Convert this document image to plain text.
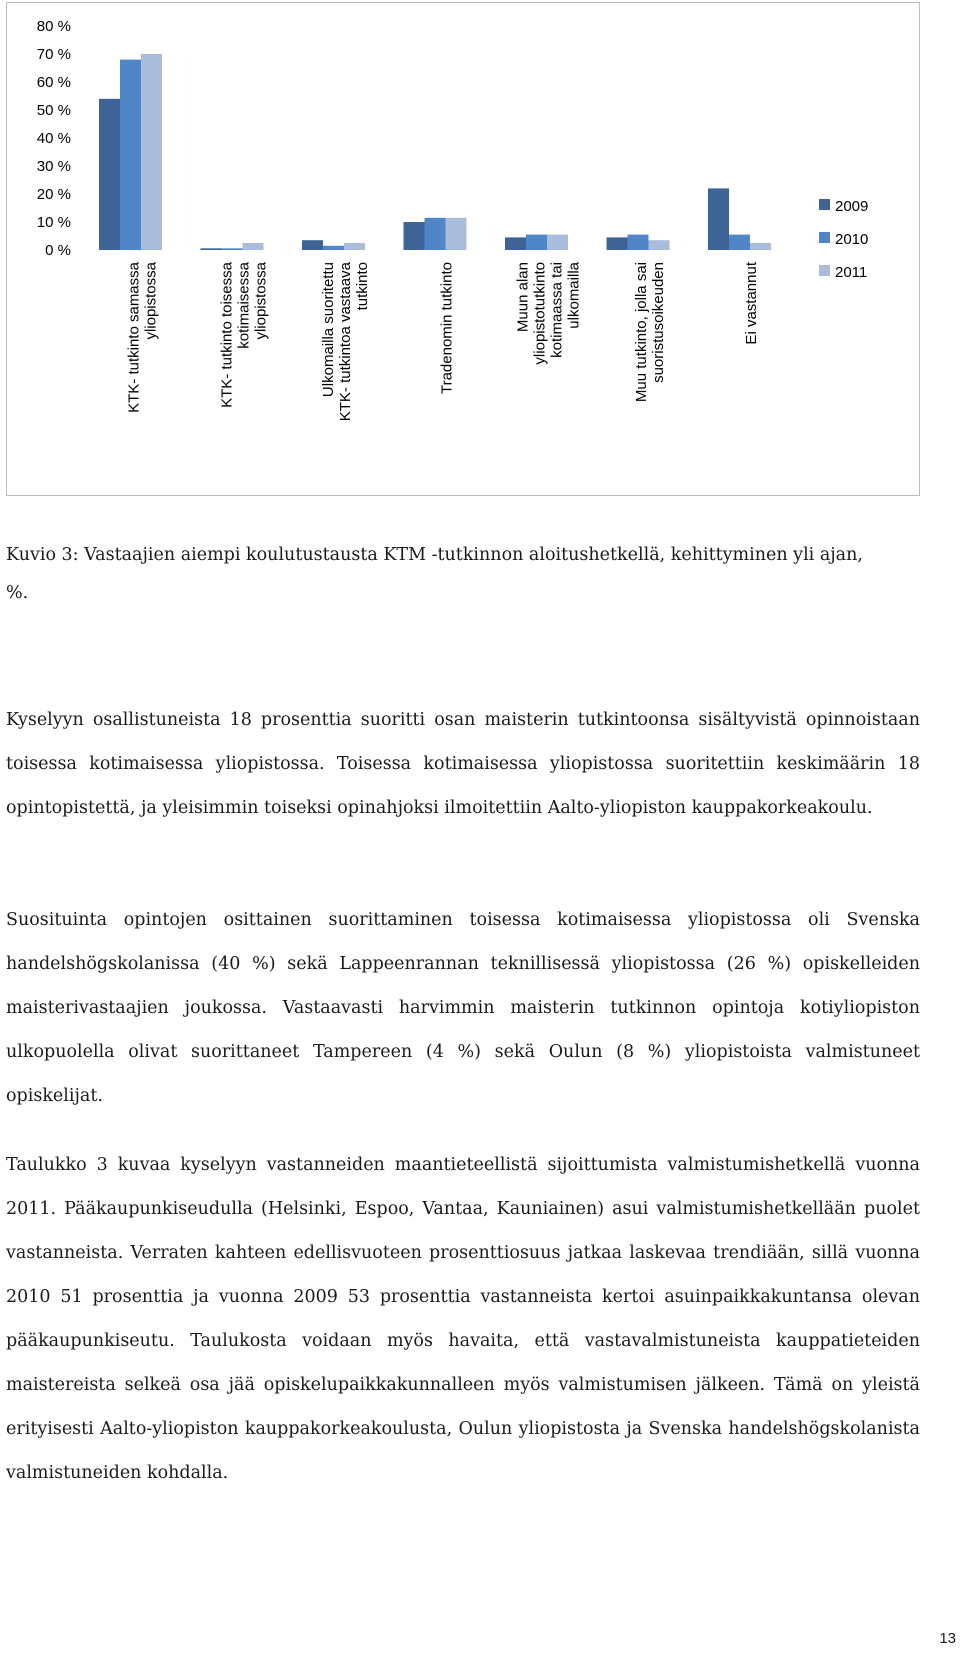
80 %
70 %
60 %
50 %
40 %
30 %
20 %
10 %
0 %
KTK- tutkinto samassa yliopistossa	KTK- tutkinto toisessa kotimaisessa yliopistossa	Ulkomailla suoritettu KTK- tutkintoa vastaava tutkinto	Tradenomin tutkinto	Muun alan yliopistotutkinto kotimaassa tai ulkomailla	Muu tutkinto, jolla sai suoristusoikeuden	Ei vastannut
2009
2010
2011

Kuvio 3: Vastaajien aiempi koulutustausta KTM -tutkinnon aloitushetkellä, kehittyminen yli ajan,
%.

Kyselyyn osallistuneista 18 prosenttia suoritti osan maisterin tutkintoonsa sisältyvistä opinnoistaan toisessa kotimaisessa yliopistossa. Toisessa kotimaisessa yliopistossa suoritettiin keskimäärin 18 opintopistettä, ja yleisimmin toiseksi opinahjoksi ilmoitettiin Aalto-yliopiston kauppakorkeakoulu.

Suosituinta opintojen osittainen suorittaminen toisessa kotimaisessa yliopistossa oli Svenska handelshögskolanissa (40 %) sekä Lappeenrannan teknillisessä yliopistossa (26 %) opiskelleiden maisterivastaajien joukossa. Vastaavasti harvimmin maisterin tutkinnon opintoja kotiyliopiston ulkopuolella olivat suorittaneet Tampereen (4 %) sekä Oulun (8 %) yliopistoista valmistuneet opiskelijat.

Taulukko 3 kuvaa kyselyyn vastanneiden maantieteellistä sijoittumista valmistumishetkellä vuonna 2011. Pääkaupunkiseudulla (Helsinki, Espoo, Vantaa, Kauniainen) asui valmistumishetkellään puolet vastanneista. Verraten kahteen edellisvuoteen prosenttiosuus jatkaa laskevaa trendiään, sillä vuonna 2010 51 prosenttia ja vuonna 2009 53 prosenttia vastanneista kertoi asuinpaikkakuntansa olevan pääkaupunkiseutu. Taulukosta voidaan myös havaita, että vastavalmistuneista kauppatieteiden maistereista selkeä osa jää opiskelupaikkakunnalleen myös valmistumisen jälkeen. Tämä on yleistä erityisesti Aalto-yliopiston kauppakorkeakoulusta, Oulun yliopistosta ja Svenska handelshögskolanista valmistuneiden kohdalla.

13
